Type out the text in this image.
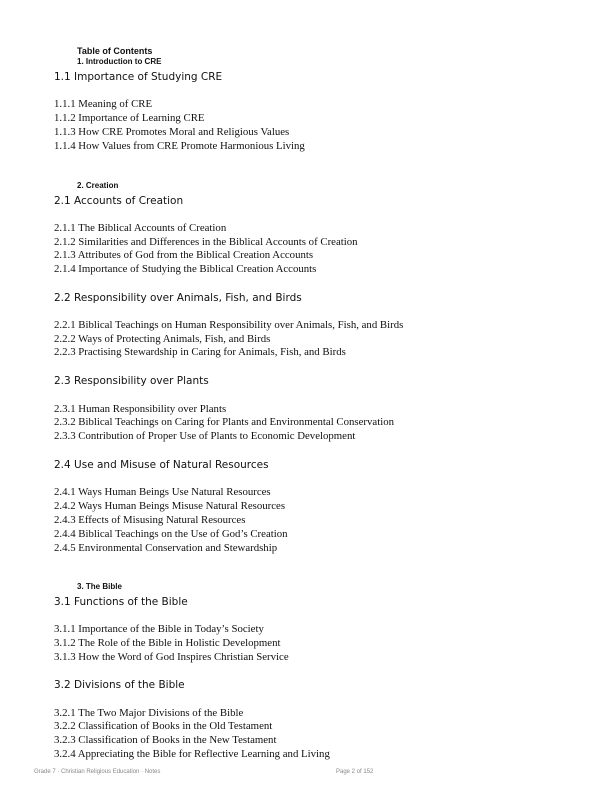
Table of Contents
1. Introduction to CRE
1.1 Importance of Studying CRE
1.1.1 Meaning of CRE
1.1.2 Importance of Learning CRE
1.1.3 How CRE Promotes Moral and Religious Values
1.1.4 How Values from CRE Promote Harmonious Living
2. Creation
2.1 Accounts of Creation
2.1.1 The Biblical Accounts of Creation
2.1.2 Similarities and Differences in the Biblical Accounts of Creation
2.1.3 Attributes of God from the Biblical Creation Accounts
2.1.4 Importance of Studying the Biblical Creation Accounts
2.2 Responsibility over Animals, Fish, and Birds
2.2.1 Biblical Teachings on Human Responsibility over Animals, Fish, and Birds
2.2.2 Ways of Protecting Animals, Fish, and Birds
2.2.3 Practising Stewardship in Caring for Animals, Fish, and Birds
2.3 Responsibility over Plants
2.3.1 Human Responsibility over Plants
2.3.2 Biblical Teachings on Caring for Plants and Environmental Conservation
2.3.3 Contribution of Proper Use of Plants to Economic Development
2.4 Use and Misuse of Natural Resources
2.4.1 Ways Human Beings Use Natural Resources
2.4.2 Ways Human Beings Misuse Natural Resources
2.4.3 Effects of Misusing Natural Resources
2.4.4 Biblical Teachings on the Use of God’s Creation
2.4.5 Environmental Conservation and Stewardship
3. The Bible
3.1 Functions of the Bible
3.1.1 Importance of the Bible in Today’s Society
3.1.2 The Role of the Bible in Holistic Development
3.1.3 How the Word of God Inspires Christian Service
3.2 Divisions of the Bible
3.2.1 The Two Major Divisions of the Bible
3.2.2 Classification of Books in the Old Testament
3.2.3 Classification of Books in the New Testament
3.2.4 Appreciating the Bible for Reflective Learning and Living
Grade 7 · Christian Religious Education · Notes	Page 2 of 152
